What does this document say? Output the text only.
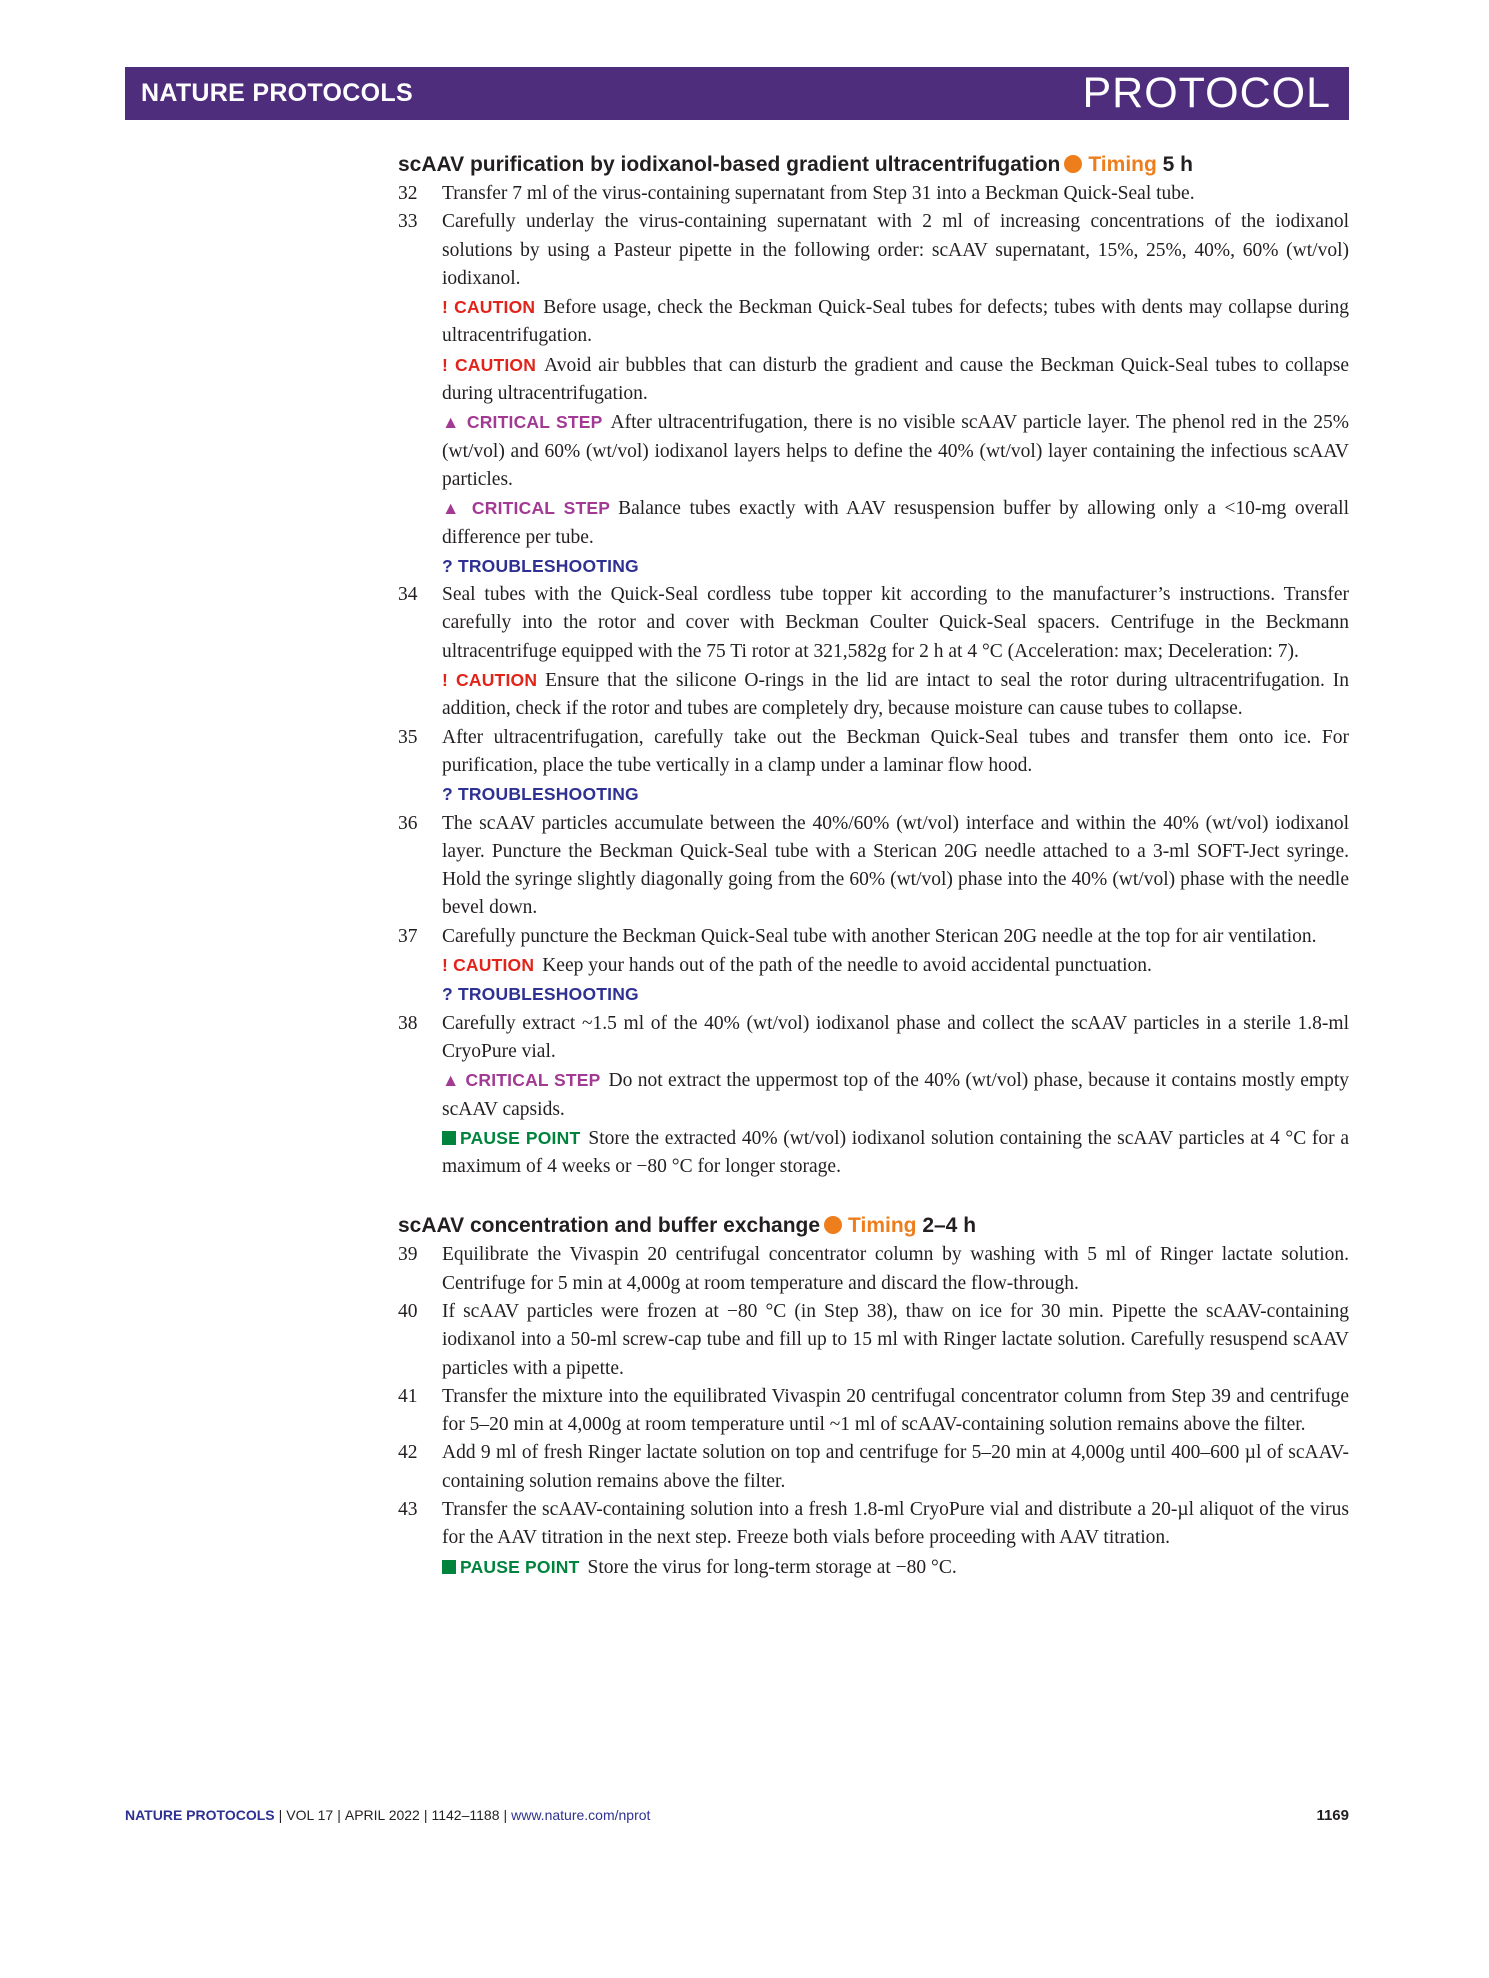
NATURE PROTOCOLS	PROTOCOL
scAAV purification by iodixanol-based gradient ultracentrifugation Timing 5 h
32	Transfer 7 ml of the virus-containing supernatant from Step 31 into a Beckman Quick-Seal tube.

33	Carefully underlay the virus-containing supernatant with 2 ml of increasing concentrations of the iodixanol solutions by using a Pasteur pipette in the following order: scAAV supernatant, 15%, 25%, 40%, 60% (wt/vol) iodixanol.

! CAUTION Before usage, check the Beckman Quick-Seal tubes for defects; tubes with dents may collapse during ultracentrifugation.

! CAUTION Avoid air bubbles that can disturb the gradient and cause the Beckman Quick-Seal tubes to collapse during ultracentrifugation.

▲ CRITICAL STEP After ultracentrifugation, there is no visible scAAV particle layer. The phenol red in the 25% (wt/vol) and 60% (wt/vol) iodixanol layers helps to define the 40% (wt/vol) layer containing the infectious scAAV particles.

▲ CRITICAL STEP Balance tubes exactly with AAV resuspension buffer by allowing only a <10-mg overall difference per tube.

? TROUBLESHOOTING

34	Seal tubes with the Quick-Seal cordless tube topper kit according to the manufacturer’s instructions. Transfer carefully into the rotor and cover with Beckman Coulter Quick-Seal spacers. Centrifuge in the Beckmann ultracentrifuge equipped with the 75 Ti rotor at 321,582g for 2 h at 4 °C (Acceleration: max; Deceleration: 7).

! CAUTION Ensure that the silicone O-rings in the lid are intact to seal the rotor during ultracentrifugation. In addition, check if the rotor and tubes are completely dry, because moisture can cause tubes to collapse.

35	After ultracentrifugation, carefully take out the Beckman Quick-Seal tubes and transfer them onto ice. For purification, place the tube vertically in a clamp under a laminar flow hood.

? TROUBLESHOOTING

36	The scAAV particles accumulate between the 40%/60% (wt/vol) interface and within the 40% (wt/vol) iodixanol layer. Puncture the Beckman Quick-Seal tube with a Sterican 20G needle attached to a 3-ml SOFT-Ject syringe. Hold the syringe slightly diagonally going from the 60% (wt/vol) phase into the 40% (wt/vol) phase with the needle bevel down.

37	Carefully puncture the Beckman Quick-Seal tube with another Sterican 20G needle at the top for air ventilation.

! CAUTION Keep your hands out of the path of the needle to avoid accidental punctuation.

? TROUBLESHOOTING

38	Carefully extract ~1.5 ml of the 40% (wt/vol) iodixanol phase and collect the scAAV particles in a sterile 1.8-ml CryoPure vial.

▲ CRITICAL STEP Do not extract the uppermost top of the 40% (wt/vol) phase, because it contains mostly empty scAAV capsids.

PAUSE POINT Store the extracted 40% (wt/vol) iodixanol solution containing the scAAV particles at 4 °C for a maximum of 4 weeks or −80 °C for longer storage.

scAAV concentration and buffer exchange Timing 2–4 h
39	Equilibrate the Vivaspin 20 centrifugal concentrator column by washing with 5 ml of Ringer lactate solution. Centrifuge for 5 min at 4,000g at room temperature and discard the flow-through.

40	If scAAV particles were frozen at −80 °C (in Step 38), thaw on ice for 30 min. Pipette the scAAV-containing iodixanol into a 50-ml screw-cap tube and fill up to 15 ml with Ringer lactate solution. Carefully resuspend scAAV particles with a pipette.

41	Transfer the mixture into the equilibrated Vivaspin 20 centrifugal concentrator column from Step 39 and centrifuge for 5–20 min at 4,000g at room temperature until ~1 ml of scAAV-containing solution remains above the filter.

42	Add 9 ml of fresh Ringer lactate solution on top and centrifuge for 5–20 min at 4,000g until 400–600 µl of scAAV-containing solution remains above the filter.

43	Transfer the scAAV-containing solution into a fresh 1.8-ml CryoPure vial and distribute a 20-µl aliquot of the virus for the AAV titration in the next step. Freeze both vials before proceeding with AAV titration.

PAUSE POINT Store the virus for long-term storage at −80 °C.

NATURE PROTOCOLS | VOL 17 | APRIL 2022 | 1142–1188 | www.nature.com/nprot	1169
